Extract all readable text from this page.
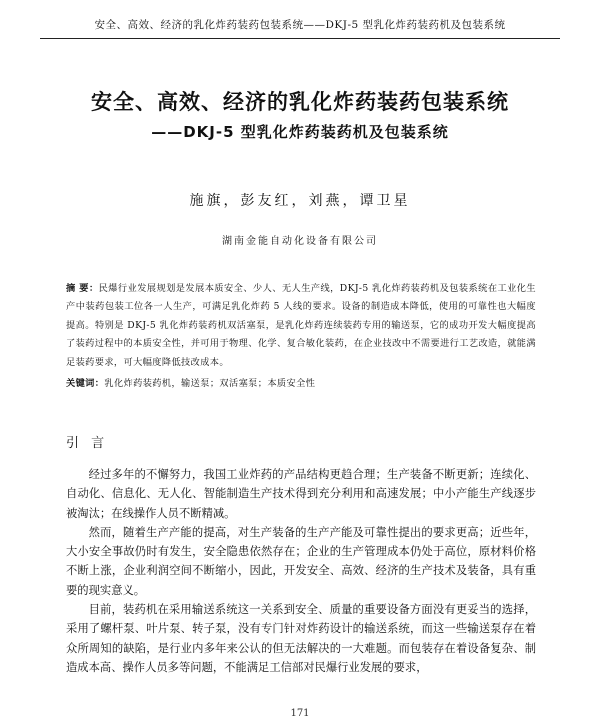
安全、高效、经济的乳化炸药装药包装系统——DKJ-5 型乳化炸药装药机及包装系统
安全、高效、经济的乳化炸药装药包装系统
——DKJ-5 型乳化炸药装药机及包装系统
施旗，彭友红，刘燕，谭卫星
湖南金能自动化设备有限公司
摘 要：民爆行业发展规划是发展本质安全、少人、无人生产线，DKJ-5 乳化炸药装药机及包装系统在工业化生产中装药包装工位各一人生产，可满足乳化炸药 5 人线的要求。设备的制造成本降低，使用的可靠性也大幅度提高。特别是 DKJ-5 乳化炸药装药机双活塞泵，是乳化炸药连续装药专用的输送泵，它的成功开发大幅度提高了装药过程中的本质安全性，并可用于物理、化学、复合敏化装药，在企业技改中不需要进行工艺改造，就能满足装药要求，可大幅度降低技改成本。
关键词：乳化炸药装药机，输送泵；双活塞泵；本质安全性
引 言

经过多年的不懈努力，我国工业炸药的产品结构更趋合理；生产装备不断更新；连续化、自动化、信息化、无人化、智能制造生产技术得到充分利用和高速发展；中小产能生产线逐步被淘汰；在线操作人员不断精减。

然而，随着生产产能的提高，对生产装备的生产产能及可靠性提出的要求更高；近些年，大小安全事故仍时有发生，安全隐患依然存在；企业的生产管理成本仍处于高位，原材料价格不断上涨，企业利润空间不断缩小，因此，开发安全、高效、经济的生产技术及装备，具有重要的现实意义。

目前，装药机在采用输送系统这一关系到安全、质量的重要设备方面没有更妥当的选择，采用了螺杆泵、叶片泵、转子泵，没有专门针对炸药设计的输送系统，而这一些输送泵存在着众所周知的缺陷，是行业内多年来公认的但无法解决的一大难题。而包装存在着设备复杂、制造成本高、操作人员多等问题，不能满足工信部对民爆行业发展的要求，

171
